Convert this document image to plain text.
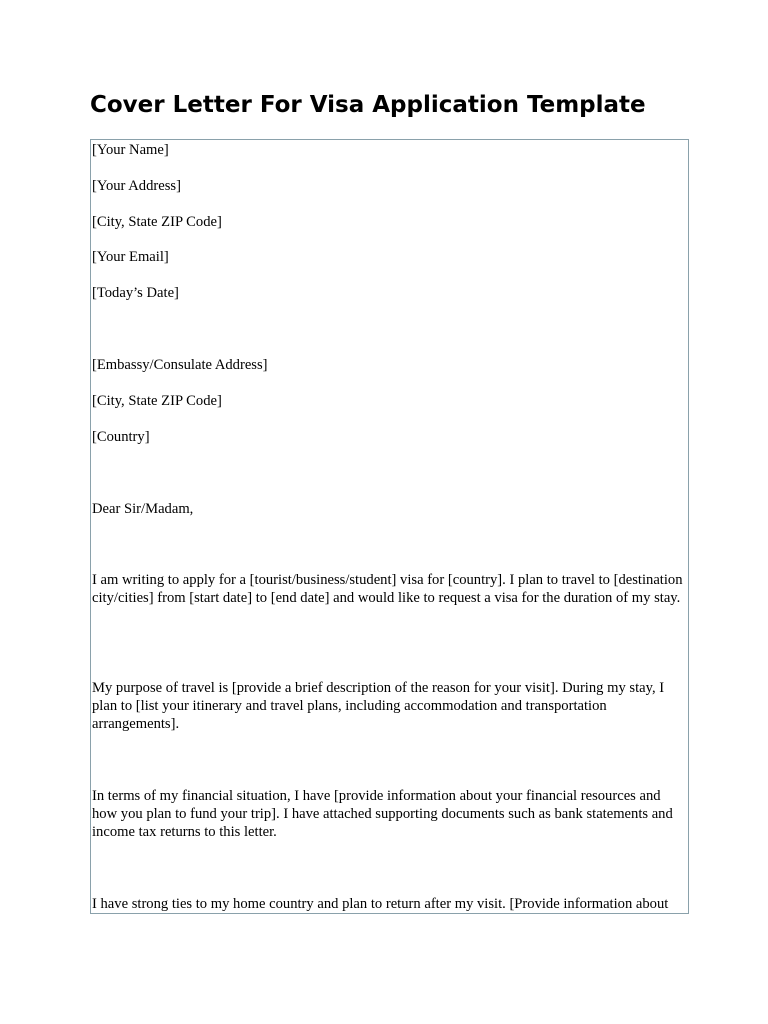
Cover Letter For Visa Application Template

[Your Name]

[Your Address]

[City, State ZIP Code]

[Your Email]

[Today’s Date]

[Embassy/Consulate Address]

[City, State ZIP Code]

[Country]

Dear Sir/Madam,

I am writing to apply for a [tourist/business/student] visa for [country]. I plan to travel to [destination city/cities] from [start date] to [end date] and would like to request a visa for the duration of my stay.

My purpose of travel is [provide a brief description of the reason for your visit]. During my stay, I plan to [list your itinerary and travel plans, including accommodation and transportation arrangements].

In terms of my financial situation, I have [provide information about your financial resources and how you plan to fund your trip]. I have attached supporting documents such as bank statements and income tax returns to this letter.

I have strong ties to my home country and plan to return after my visit. [Provide information about
